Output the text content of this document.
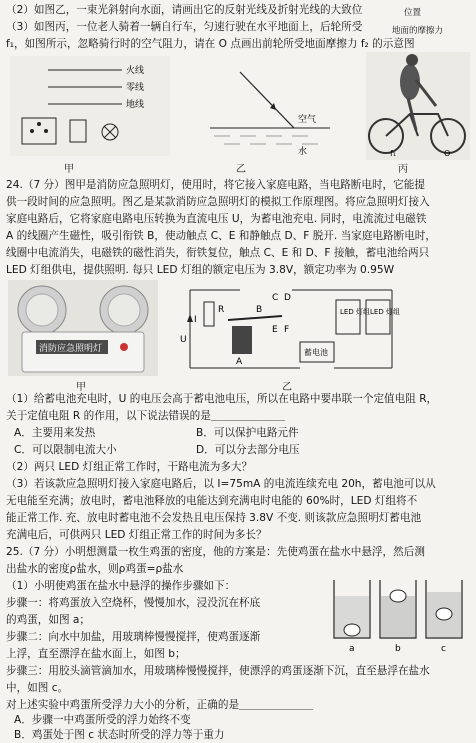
（2）如图乙，一束光斜射向水面，请画出它的反射光线及折射光线的大致位	位置
（3）如图丙，一位老人骑着一辆自行车，匀速行驶在水平地面上，后轮所受	地面的摩擦力
f₁，如图所示，忽略骑行时的空气阻力，请在 O 点画出前轮所受地面摩擦力 f₂ 的示意图
火线
零线
地线
空气
水	O
f₁
甲	乙	丙
24.（7 分）图甲是消防应急照明灯，使用时，将它接入家庭电路，当电路断电时，它能提
供一段时间的应急照明。图乙是某款消防应急照明灯的模拟工作原理图。将应急照明灯接入
家庭电路后，它将家庭电路电压转换为直流电压 U，为蓄电池充电. 同时，电流流过电磁铁
A 的线圈产生磁性，吸引衔铁 B，使动触点 C、E 和静触点 D、F 脱开. 当家庭电路断电时，
线圈中电流消失，电磁铁的磁性消失，衔铁复位，触点 C、E 和 D、F 接触，蓄电池给两只
LED 灯组供电，提供照明. 每只 LED 灯组的额定电压为 3.8V，额定功率为 0.95W
消防应急照明灯
I
U
R
A
B
C D
E F
蓄电池
LED 灯组 LED 灯组
甲	乙
（1）给蓄电池充电时，U 的电压会高于蓄电池电压，所以在电路中要串联一个定值电阻 R，
关于定值电阻 R 的作用，以下说法错误的是＿＿＿＿＿＿＿
A．主要用来发热	B．可以保护电路元件
C．可以限制电流大小	D．可以分去部分电压
（2）两只 LED 灯组正常工作时，干路电流为多大？
（3）若该款应急照明灯接入家庭电路后，以 I=75mA 的电流连续充电 20h，蓄电池可以从
无电能至充满；放电时，蓄电池释放的电能达到充满电时电能的 60%时，LED 灯组将不
能正常工作. 充、放电时蓄电池不会发热且电压保持 3.8V 不变. 则该款应急照明灯蓄电池
充满电后，可供两只 LED 灯组正常工作的时间为多长？
25.（7 分）小明想测量一枚生鸡蛋的密度，他的方案是：先使鸡蛋在盐水中悬浮，然后测
出盐水的密度ρ盐水，则ρ鸡蛋=ρ盐水
（1）小明使鸡蛋在盐水中悬浮的操作步骤如下：
步骤一：将鸡蛋放入空烧杯，慢慢加水，浸没沉在杯底
的鸡蛋，如图 a；
步骤二：向水中加盐，用玻璃棒慢慢搅拌，使鸡蛋逐渐
上浮，直至漂浮在盐水面上，如图 b；	a	b	c
步骤三：用胶头滴管滴加水，用玻璃棒慢慢搅拌，使漂浮的鸡蛋逐渐下沉，直至悬浮在盐水
中，如图 c。
对上述实验中鸡蛋所受浮力大小的分析，正确的是＿＿＿＿＿＿＿
A．步骤一中鸡蛋所受的浮力始终不变
B．鸡蛋处于图 c 状态时所受的浮力等于重力
